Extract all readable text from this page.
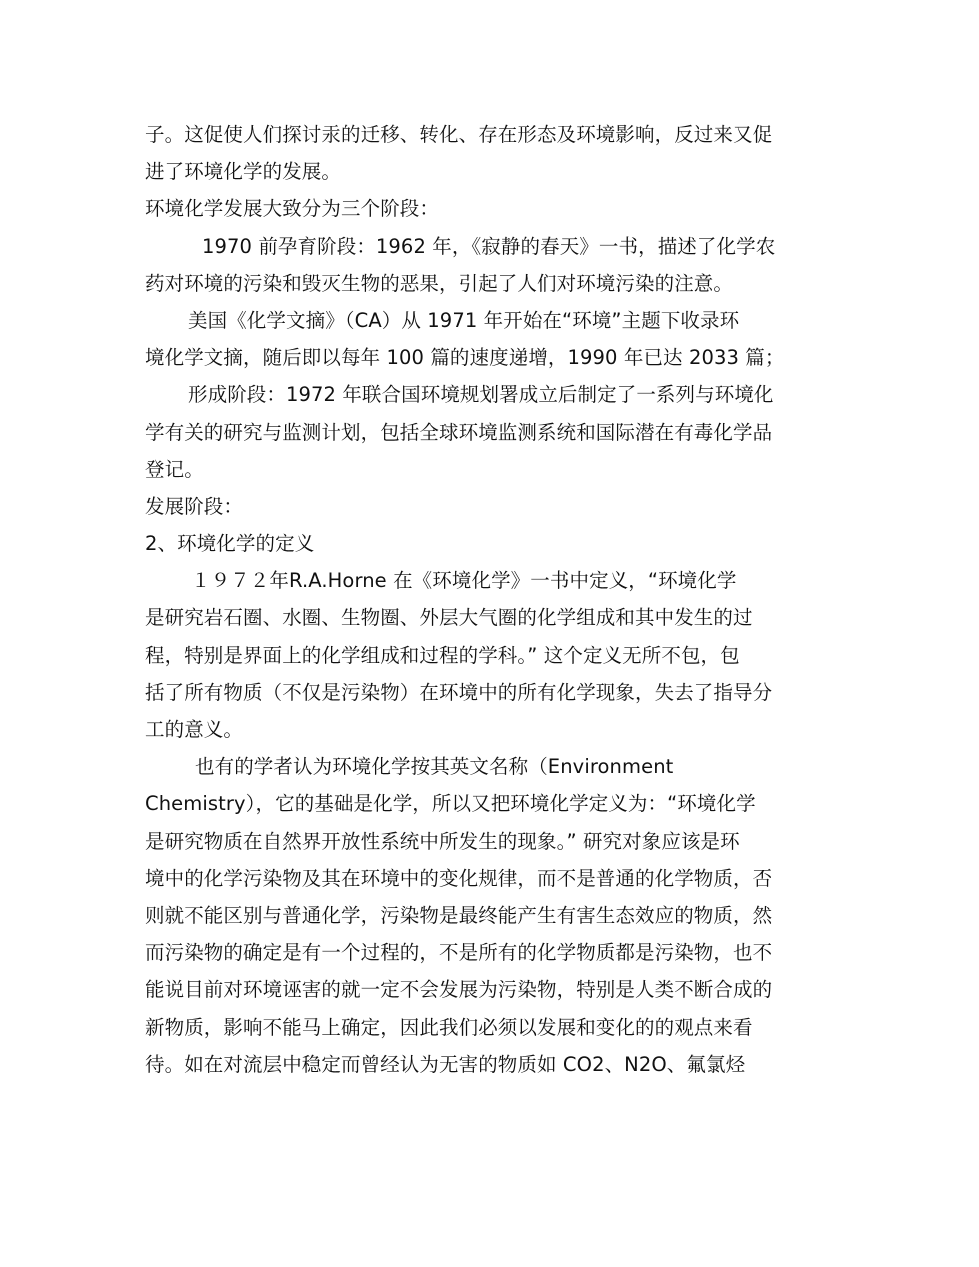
子。这促使人们探讨汞的迁移、转化、存在形态及环境影响，反过来又促
进了环境化学的发展。
环境化学发展大致分为三个阶段：
1970 前孕育阶段：1962 年，《寂静的春天》一书，描述了化学农
药对环境的污染和毁灭生物的恶果，引起了人们对环境污染的注意。
美国《化学文摘》（CA）从 1971 年开始在“环境”主题下收录环
境化学文摘，随后即以每年 100 篇的速度递增，1990 年已达 2033 篇；
形成阶段：1972 年联合国环境规划署成立后制定了一系列与环境化
学有关的研究与监测计划，包括全球环境监测系统和国际潜在有毒化学品
登记。
发展阶段：
2、环境化学的定义
１９７２年R.A.Horne 在《环境化学》一书中定义，“环境化学
是研究岩石圈、水圈、生物圈、外层大气圈的化学组成和其中发生的过
程，特别是界面上的化学组成和过程的学科。” 这个定义无所不包，包
括了所有物质（不仅是污染物）在环境中的所有化学现象，失去了指导分
工的意义。
也有的学者认为环境化学按其英文名称（Environment
Chemistry），它的基础是化学，所以又把环境化学定义为：“环境化学
是研究物质在自然界开放性系统中所发生的现象。” 研究对象应该是环
境中的化学污染物及其在环境中的变化规律，而不是普通的化学物质，否
则就不能区别与普通化学，污染物是最终能产生有害生态效应的物质，然
而污染物的确定是有一个过程的，不是所有的化学物质都是污染物，也不
能说目前对环境诬害的就一定不会发展为污染物，特别是人类不断合成的
新物质，影响不能马上确定，因此我们必须以发展和变化的的观点来看
待。如在对流层中稳定而曾经认为无害的物质如 CO2、N2O、氟氯烃
